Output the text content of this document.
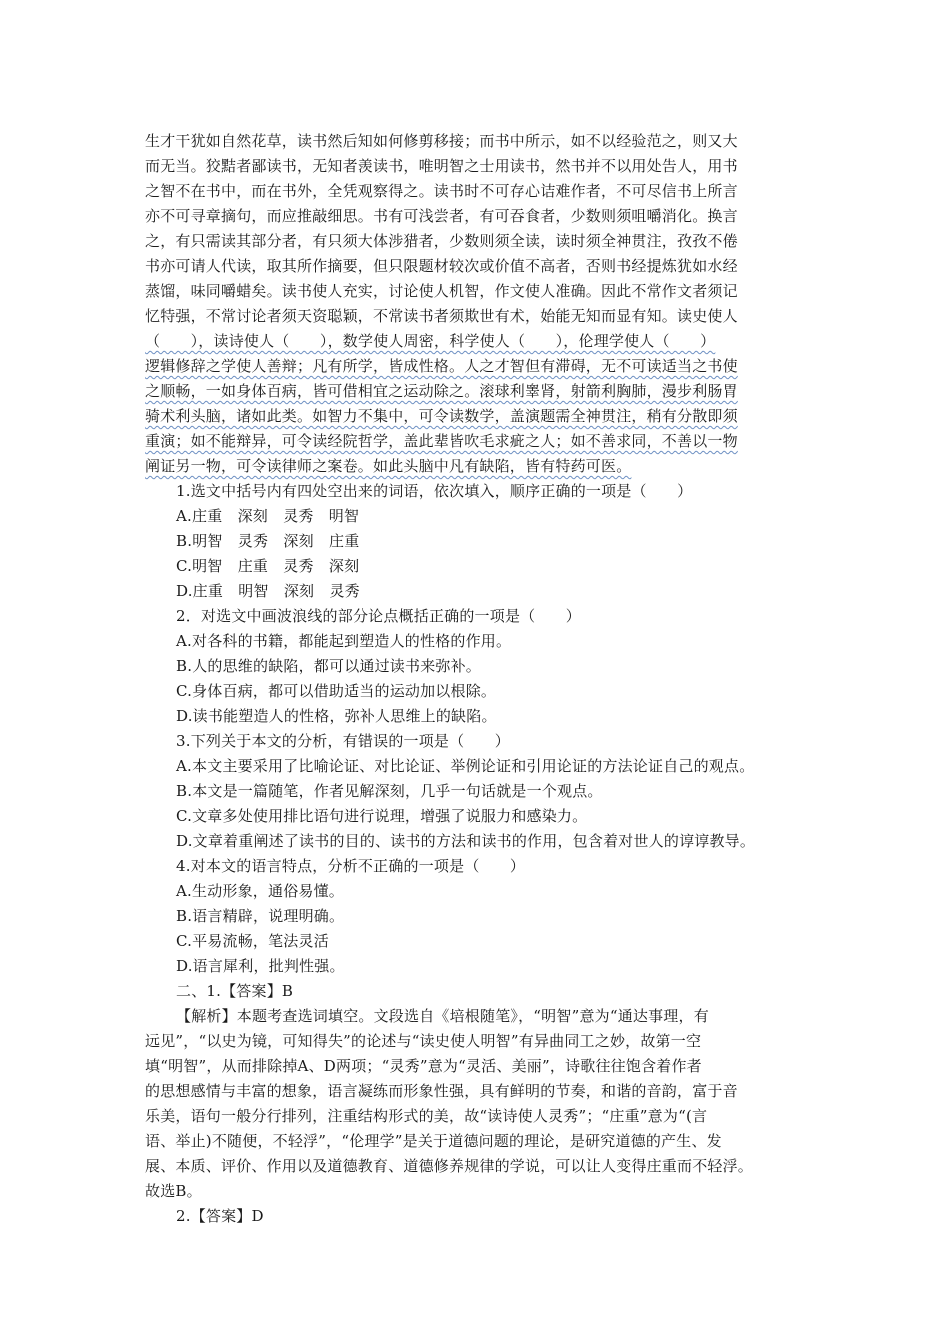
生才干犹如自然花草，读书然后知如何修剪移接；而书中所示，如不以经验范之，则又大
而无当。狡黠者鄙读书，无知者羡读书，唯明智之士用读书，然书并不以用处告人，用书
之智不在书中，而在书外，全凭观察得之。读书时不可存心诘难作者，不可尽信书上所言
亦不可寻章摘句，而应推敲细思。书有可浅尝者，有可吞食者，少数则须咀嚼消化。换言
之，有只需读其部分者，有只须大体涉猎者，少数则须全读，读时须全神贯注，孜孜不倦
书亦可请人代读，取其所作摘要，但只限题材较次或价值不高者，否则书经提炼犹如水经
蒸馏，味同嚼蜡矣。读书使人充实，讨论使人机智，作文使人准确。因此不常作文者须记
忆特强，不常讨论者须天资聪颖，不常读书者须欺世有术，始能无知而显有知。读史使人
（　　），读诗使人（　　），数学使人周密，科学使人（　　），伦理学使人（　　）
逻辑修辞之学使人善辩；凡有所学，皆成性格。人之才智但有滞碍，无不可读适当之书使
之顺畅，一如身体百病，皆可借相宜之运动除之。滚球利睾肾，射箭利胸肺，漫步利肠胃
骑术利头脑，诸如此类。如智力不集中，可令读数学，盖演题需全神贯注，稍有分散即须
重演；如不能辩异，可令读经院哲学，盖此辈皆吹毛求疵之人；如不善求同，不善以一物
阐证另一物，可令读律师之案卷。如此头脑中凡有缺陷，皆有特药可医。
1.选文中括号内有四处空出来的词语，依次填入，顺序正确的一项是（　　）
A.庄重　深刻　灵秀　明智
B.明智　灵秀　深刻　庄重
C.明智　庄重　灵秀　深刻
D.庄重　明智　深刻　灵秀
2．对选文中画波浪线的部分论点概括正确的一项是（　　）
A.对各科的书籍，都能起到塑造人的性格的作用。
B.人的思维的缺陷，都可以通过读书来弥补。
C.身体百病，都可以借助适当的运动加以根除。
D.读书能塑造人的性格，弥补人思维上的缺陷。
3.下列关于本文的分析，有错误的一项是（　　）
A.本文主要采用了比喻论证、对比论证、举例论证和引用论证的方法论证自己的观点。
B.本文是一篇随笔，作者见解深刻，几乎一句话就是一个观点。
C.文章多处使用排比语句进行说理，增强了说服力和感染力。
D.文章着重阐述了读书的目的、读书的方法和读书的作用，包含着对世人的谆谆教导。
4.对本文的语言特点，分析不正确的一项是（　　）
A.生动形象，通俗易懂。
B.语言精辟，说理明确。
C.平易流畅，笔法灵活
D.语言犀利，批判性强。
二、1.【答案】B
【解析】本题考查选词填空。文段选自《培根随笔》，“明智”意为“通达事理，有
远见”，“以史为镜，可知得失”的论述与“读史使人明智”有异曲同工之妙，故第一空
填“明智”，从而排除掉A、D两项；“灵秀”意为“灵活、美丽”，诗歌往往饱含着作者
的思想感情与丰富的想象，语言凝练而形象性强，具有鲜明的节奏，和谐的音韵，富于音
乐美，语句一般分行排列，注重结构形式的美，故“读诗使人灵秀”；“庄重”意为“(言
语、举止)不随便，不轻浮”，“伦理学”是关于道德问题的理论，是研究道德的产生、发
展、本质、评价、作用以及道德教育、道德修养规律的学说，可以让人变得庄重而不轻浮。
故选B。
2.【答案】D
